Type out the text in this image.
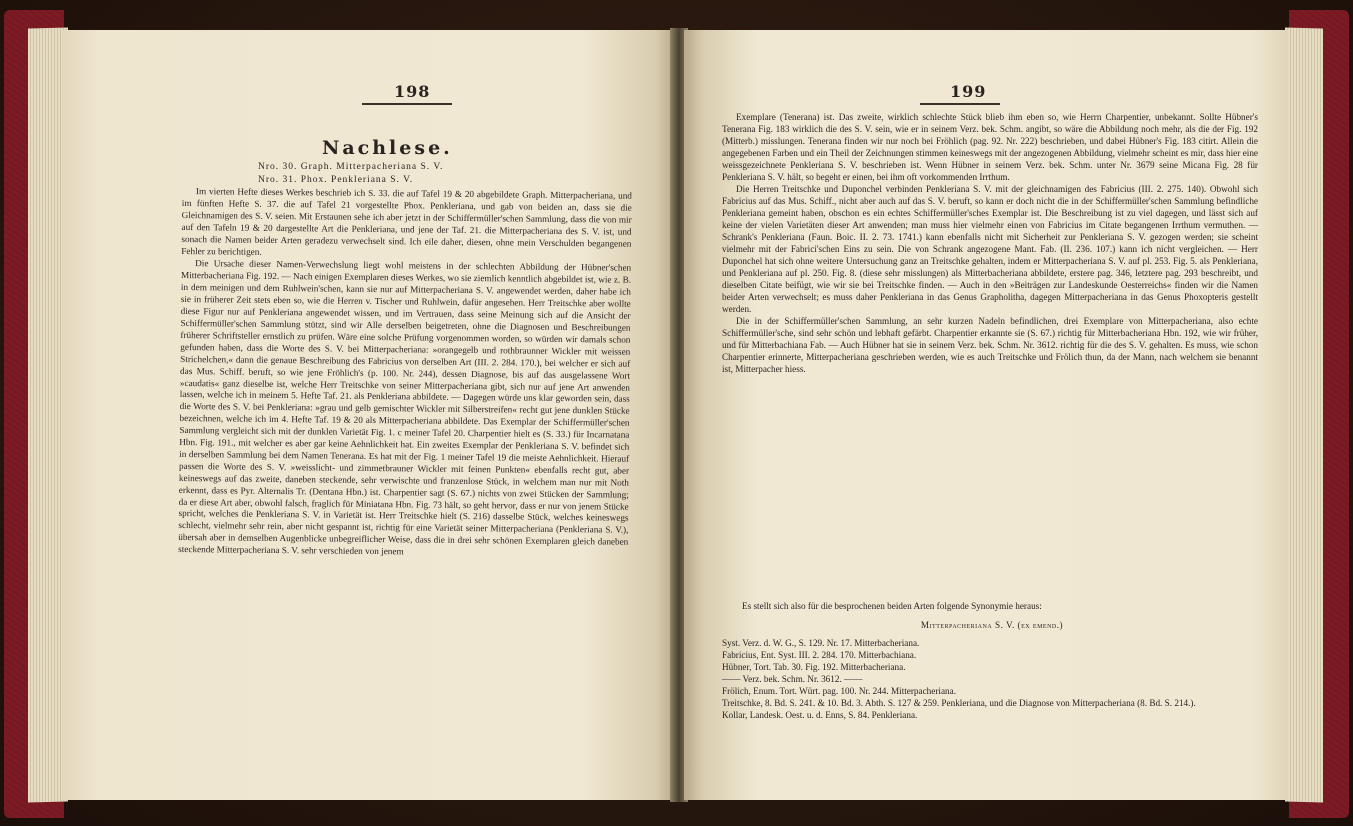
198
Nachlese.
Nro. 30. Graph. Mitterpacheriana S. V.
Nro. 31. Phox. Penkleriana S. V.

Im vierten Hefte dieses Werkes beschrieb ich S. 33. die auf Tafel 19 & 20 abgebildete Graph. Mitterpacheriana, und im fünften Hefte S. 37. die auf Tafel 21 vorgestellte Phox. Penkleriana, und gab von beiden an, dass sie die Gleichnamigen des S. V. seien. Mit Erstaunen sehe ich aber jetzt in der Schiffermüller'schen Sammlung, dass die von mir auf den Tafeln 19 & 20 dargestellte Art die Penkleriana, und jene der Taf. 21. die Mitterpacheriana des S. V. ist, und sonach die Namen beider Arten geradezu verwechselt sind. Ich eile daher, diesen, ohne mein Verschulden begangenen Fehler zu berichtigen.

Die Ursache dieser Namen-Verwechslung liegt wohl meistens in der schlechten Abbildung der Hübner'schen Mitterbacheriana Fig. 192. — Nach einigen Exemplaren dieses Werkes, wo sie ziemlich kenntlich abgebildet ist, wie z. B. in dem meinigen und dem Ruhlwein'schen, kann sie nur auf Mitterpacheriana S. V. angewendet werden, daher habe ich sie in früherer Zeit stets eben so, wie die Herren v. Tischer und Ruhlwein, dafür angesehen. Herr Treitschke aber wollte diese Figur nur auf Penkleriana angewendet wissen, und im Vertrauen, dass seine Meinung sich auf die Ansicht der Schiffermüller'schen Sammlung stützt, sind wir Alle derselben beigetreten, ohne die Diagnosen und Beschreibungen früherer Schriftsteller ernstlich zu prüfen. Wäre eine solche Prüfung vorgenommen worden, so würden wir damals schon gefunden haben, dass die Worte des S. V. bei Mitterpacheriana: »orangegelb und rothbraunner Wickler mit weissen Strichelchen,« dann die genaue Beschreibung des Fabricius von derselben Art (III. 2. 284. 170.), bei welcher er sich auf das Mus. Schiff. beruft, so wie jene Fröhlich's (p. 100. Nr. 244), dessen Diagnose, bis auf das ausgelassene Wort »caudatis« ganz dieselbe ist, welche Herr Treitschke von seiner Mitterpacheriana gibt, sich nur auf jene Art anwenden lassen, welche ich in meinem 5. Hefte Taf. 21. als Penkleriana abbildete. — Dagegen würde uns klar geworden sein, dass die Worte des S. V. bei Penkleriana: »grau und gelb gemischter Wickler mit Silberstreifen« recht gut jene dunklen Stücke bezeichnen, welche ich im 4. Hefte Taf. 19 & 20 als Mitterpacheriana abbildete. Das Exemplar der Schiffermüller'schen Sammlung vergleicht sich mit der dunklen Varietät Fig. 1. c meiner Tafel 20. Charpentier hielt es (S. 33.) für Incarnatana Hbn. Fig. 191., mit welcher es aber gar keine Aehnlichkeit hat. Ein zweites Exemplar der Penkleriana S. V. befindet sich in derselben Sammlung bei dem Namen Tenerana. Es hat mit der Fig. 1 meiner Tafel 19 die meiste Aehnlichkeit. Hierauf passen die Worte des S. V. »weisslicht- und zimmetbrauner Wickler mit feinen Punkten« ebenfalls recht gut, aber keineswegs auf das zweite, daneben steckende, sehr verwischte und franzenlose Stück, in welchem man nur mit Noth erkennt, dass es Pyr. Alternalis Tr. (Dentana Hbn.) ist. Charpentier sagt (S. 67.) nichts von zwei Stücken der Sammlung; da er diese Art aber, obwohl falsch, fraglich für Miniatana Hbn. Fig. 73 hält, so geht hervor, dass er nur von jenem Stücke spricht, welches die Penkleriana S. V. in Varietät ist. Herr Treitschke hielt (S. 216) dasselbe Stück, welches keineswegs schlecht, vielmehr sehr rein, aber nicht gespannt ist, richtig für eine Varietät seiner Mitterpacheriana (Penkleriana S. V.), übersah aber in demselben Augenblicke unbegreiflicher Weise, dass die in drei sehr schönen Exemplaren gleich daneben steckende Mitterpacheriana S. V. sehr verschieden von jenem

199

Exemplare (Tenerana) ist. Das zweite, wirklich schlechte Stück blieb ihm eben so, wie Herrn Charpentier, unbekannt. Sollte Hübner's Tenerana Fig. 183 wirklich die des S. V. sein, wie er in seinem Verz. bek. Schm. angibt, so wäre die Abbildung noch mehr, als die der Fig. 192 (Mitterb.) misslungen. Tenerana finden wir nur noch bei Fröhlich (pag. 92. Nr. 222) beschrieben, und dabei Hübner's Fig. 183 citirt. Allein die angegebenen Farben und ein Theil der Zeichnungen stimmen keineswegs mit der angezogenen Abbildung, vielmehr scheint es mir, dass hier eine weissgezeichnete Penkleriana S. V. beschrieben ist. Wenn Hübner in seinem Verz. bek. Schm. unter Nr. 3679 seine Micana Fig. 28 für Penkleriana S. V. hält, so begeht er einen, bei ihm oft vorkommenden Irrthum.

Die Herren Treitschke und Duponchel verbinden Penkleriana S. V. mit der gleichnamigen des Fabricius (III. 2. 275. 140). Obwohl sich Fabricius auf das Mus. Schiff., nicht aber auch auf das S. V. beruft, so kann er doch nicht die in der Schiffermüller'schen Sammlung befindliche Penkleriana gemeint haben, obschon es ein echtes Schiffermüller'sches Exemplar ist. Die Beschreibung ist zu viel dagegen, und lässt sich auf keine der vielen Varietäten dieser Art anwenden; man muss hier vielmehr einen von Fabricius im Citate begangenen Irrthum vermuthen. — Schrank's Penkleriana (Faun. Boic. II. 2. 73. 1741.) kann ebenfalls nicht mit Sicherheit zur Penkleriana S. V. gezogen werden; sie scheint vielmehr mit der Fabrici'schen Eins zu sein. Die von Schrank angezogene Mant. Fab. (II. 236. 107.) kann ich nicht vergleichen. — Herr Duponchel hat sich ohne weitere Untersuchung ganz an Treitschke gehalten, indem er Mitterpacheriana S. V. auf pl. 253. Fig. 5. als Penkleriana, und Penkleriana auf pl. 250. Fig. 8. (diese sehr misslungen) als Mitterbacheriana abbildete, erstere pag. 346, letztere pag. 293 beschreibt, und dieselben Citate beifügt, wie wir sie bei Treitschke finden. — Auch in den »Beiträgen zur Landeskunde Oesterreichs« finden wir die Namen beider Arten verwechselt; es muss daher Penkleriana in das Genus Grapholitha, dagegen Mitterpacheriana in das Genus Phoxopteris gestellt werden.

Die in der Schiffermüller'schen Sammlung, an sehr kurzen Nadeln befindlichen, drei Exemplare von Mitterpacheriana, also echte Schiffermüller'sche, sind sehr schön und lebhaft gefärbt. Charpentier erkannte sie (S. 67.) richtig für Mitterbacheriana Hbn. 192, wie wir früher, und für Mitterbachiana Fab. — Auch Hübner hat sie in seinem Verz. bek. Schm. Nr. 3612. richtig für die des S. V. gehalten. Es muss, wie schon Charpentier erinnerte, Mitterpacheriana geschrieben werden, wie es auch Treitschke und Frölich thun, da der Mann, nach welchem sie benannt ist, Mitterpacher hiess.

Es stellt sich also für die besprochenen beiden Arten folgende Synonymie heraus:

Mitterpacheriana S. V. (ex emend.)

Syst. Verz. d. W. G., S. 129. Nr. 17. Mitterbacheriana.

Fabricius, Ent. Syst. III. 2. 284. 170. Mitterbachiana.

Hübner, Tort. Tab. 30. Fig. 192. Mitterbacheriana.

—— Verz. bek. Schm. Nr. 3612. ——

Frölich, Enum. Tort. Würt. pag. 100. Nr. 244. Mitterpacheriana.

Treitschke, 8. Bd. S. 241. & 10. Bd. 3. Abth. S. 127 & 259. Penkleriana, und die Diagnose von Mitterpacheriana (8. Bd. S. 214.).

Kollar, Landesk. Oest. u. d. Enns, S. 84. Penkleriana.
